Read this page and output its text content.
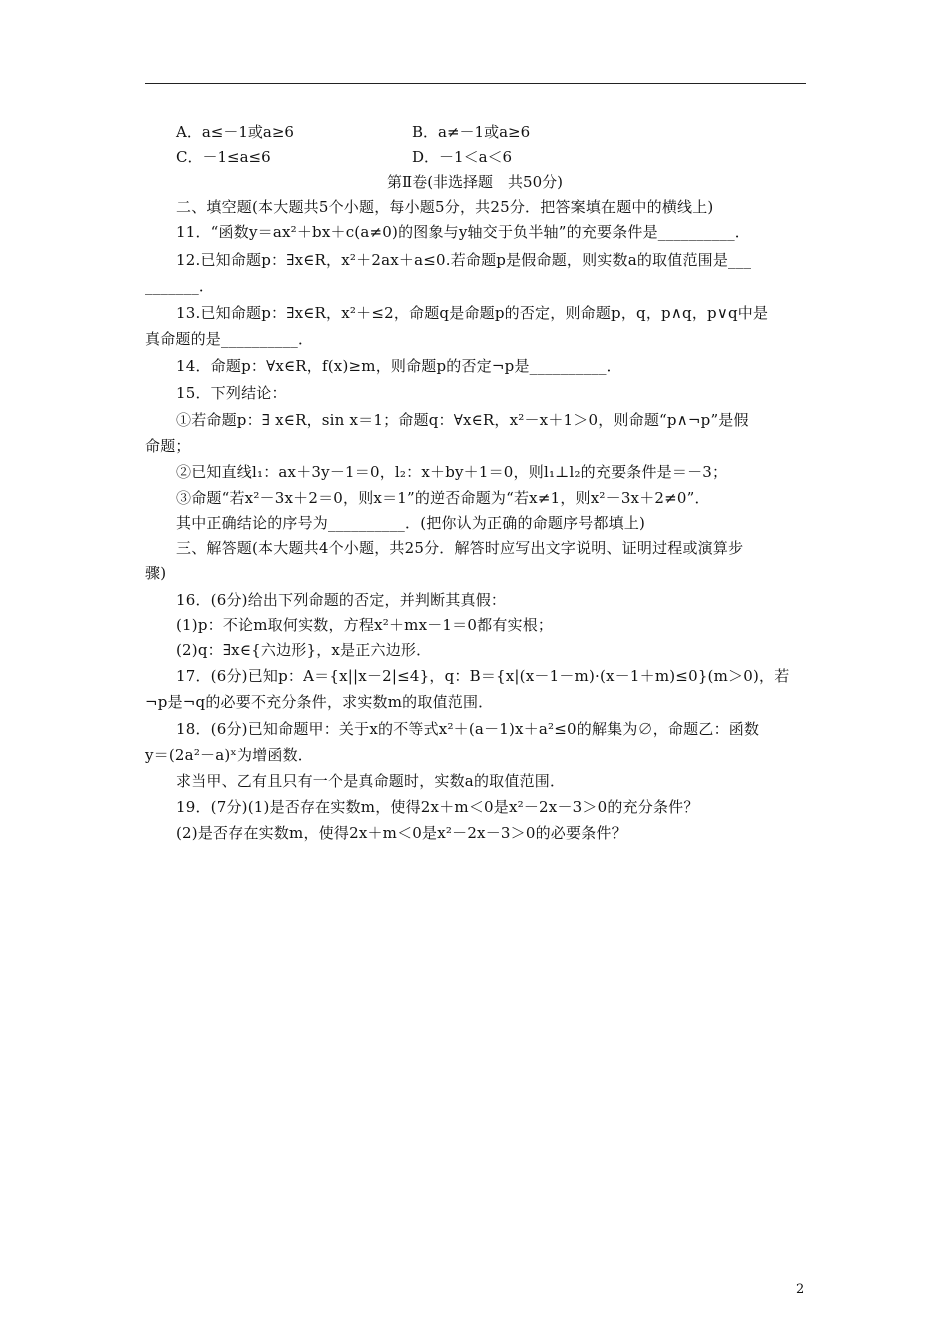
A．a≤－1或a≥6	B．a≠－1或a≥6
C．－1≤a≤6	D．－1＜a＜6
第Ⅱ卷(非选择题　共50分)
二、填空题(本大题共5个小题，每小题5分，共25分．把答案填在题中的横线上)
11．“函数y＝ax²＋bx＋c(a≠0)的图象与y轴交于负半轴”的充要条件是__________．
12.已知命题p：∃x∈R，x²＋2ax＋a≤0.若命题p是假命题，则实数a的取值范围是___
_______．
13.已知命题p：∃x∈R，x²＋≤2，命题q是命题p的否定，则命题p，q，p∧q，p∨q中是
真命题的是__________．
14．命题p：∀x∈R，f(x)≥m，则命题p的否定¬p是__________．
15．下列结论：
①若命题p：∃ x∈R，sin x＝1；命题q：∀x∈R，x²－x＋1＞0，则命题“p∧¬p”是假
命题；
②已知直线l₁：ax＋3y－1＝0，l₂：x＋by＋1＝0，则l₁⊥l₂的充要条件是＝－3；
③命题“若x²－3x＋2＝0，则x＝1”的逆否命题为“若x≠1，则x²－3x＋2≠0”．
其中正确结论的序号为__________．(把你认为正确的命题序号都填上)
三、解答题(本大题共4个小题，共25分．解答时应写出文字说明、证明过程或演算步
骤)
16．(6分)给出下列命题的否定，并判断其真假：
(1)p：不论m取何实数，方程x²＋mx－1＝0都有实根；
(2)q：∃x∈{六边形}，x是正六边形．
17．(6分)已知p：A＝{x||x－2|≤4}，q：B＝{x|(x－1－m)·(x－1＋m)≤0}(m＞0)，若
¬p是¬q的必要不充分条件，求实数m的取值范围．
18．(6分)已知命题甲：关于x的不等式x²＋(a－1)x＋a²≤0的解集为∅，命题乙：函数
y＝(2a²－a)ˣ为增函数．
求当甲、乙有且只有一个是真命题时，实数a的取值范围．
19．(7分)(1)是否存在实数m，使得2x＋m＜0是x²－2x－3＞0的充分条件？
(2)是否存在实数m，使得2x＋m＜0是x²－2x－3＞0的必要条件？
2
